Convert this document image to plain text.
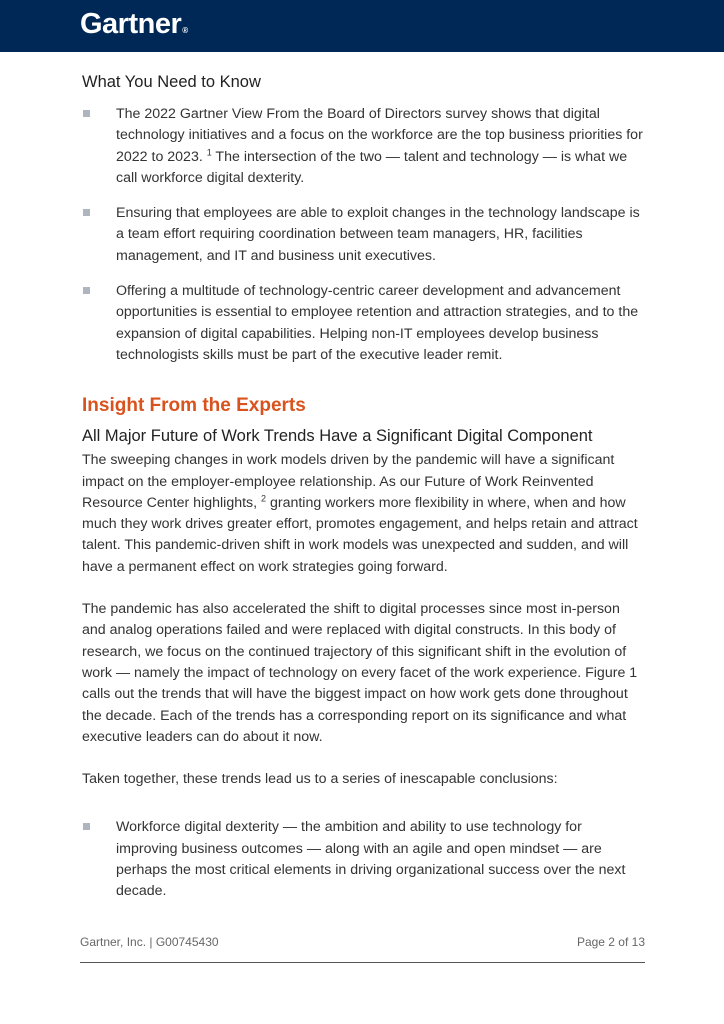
Gartner®
What You Need to Know
The 2022 Gartner View From the Board of Directors survey shows that digital technology initiatives and a focus on the workforce are the top business priorities for 2022 to 2023. $^1$ The intersection of the two — talent and technology — is what we call workforce digital dexterity.
Ensuring that employees are able to exploit changes in the technology landscape is a team effort requiring coordination between team managers, HR, facilities management, and IT and business unit executives.
Offering a multitude of technology-centric career development and advancement opportunities is essential to employee retention and attraction strategies, and to the expansion of digital capabilities. Helping non-IT employees develop business technologists skills must be part of the executive leader remit.
Insight From the Experts
All Major Future of Work Trends Have a Significant Digital Component

The sweeping changes in work models driven by the pandemic will have a significant impact on the employer-employee relationship. As our Future of Work Reinvented Resource Center highlights, $^2$ granting workers more flexibility in where, when and how much they work drives greater effort, promotes engagement, and helps retain and attract talent. This pandemic-driven shift in work models was unexpected and sudden, and will have a permanent effect on work strategies going forward.

The pandemic has also accelerated the shift to digital processes since most in-person and analog operations failed and were replaced with digital constructs. In this body of research, we focus on the continued trajectory of this significant shift in the evolution of work — namely the impact of technology on every facet of the work experience. Figure 1 calls out the trends that will have the biggest impact on how work gets done throughout the decade. Each of the trends has a corresponding report on its significance and what executive leaders can do about it now.

Taken together, these trends lead us to a series of inescapable conclusions:

Workforce digital dexterity — the ambition and ability to use technology for improving business outcomes — along with an agile and open mindset — are perhaps the most critical elements in driving organizational success over the next decade.
Gartner, Inc. | G00745430	Page 2 of 13
